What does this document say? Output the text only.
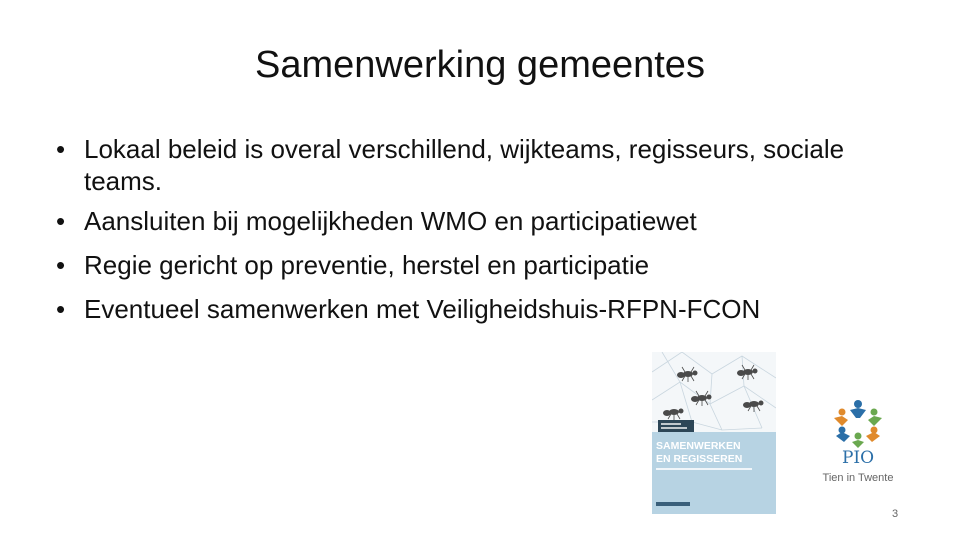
Samenwerking gemeentes
• Lokaal beleid is overal verschillend, wijkteams, regisseurs, sociale teams.
• Aansluiten bij mogelijkheden WMO en participatiewet
• Regie gericht op preventie, herstel en participatie
• Eventueel samenwerken met Veiligheidshuis-RFPN-FCON
SAMENWERKEN
EN REGISSEREN	PIO
Tien in Twente
3
